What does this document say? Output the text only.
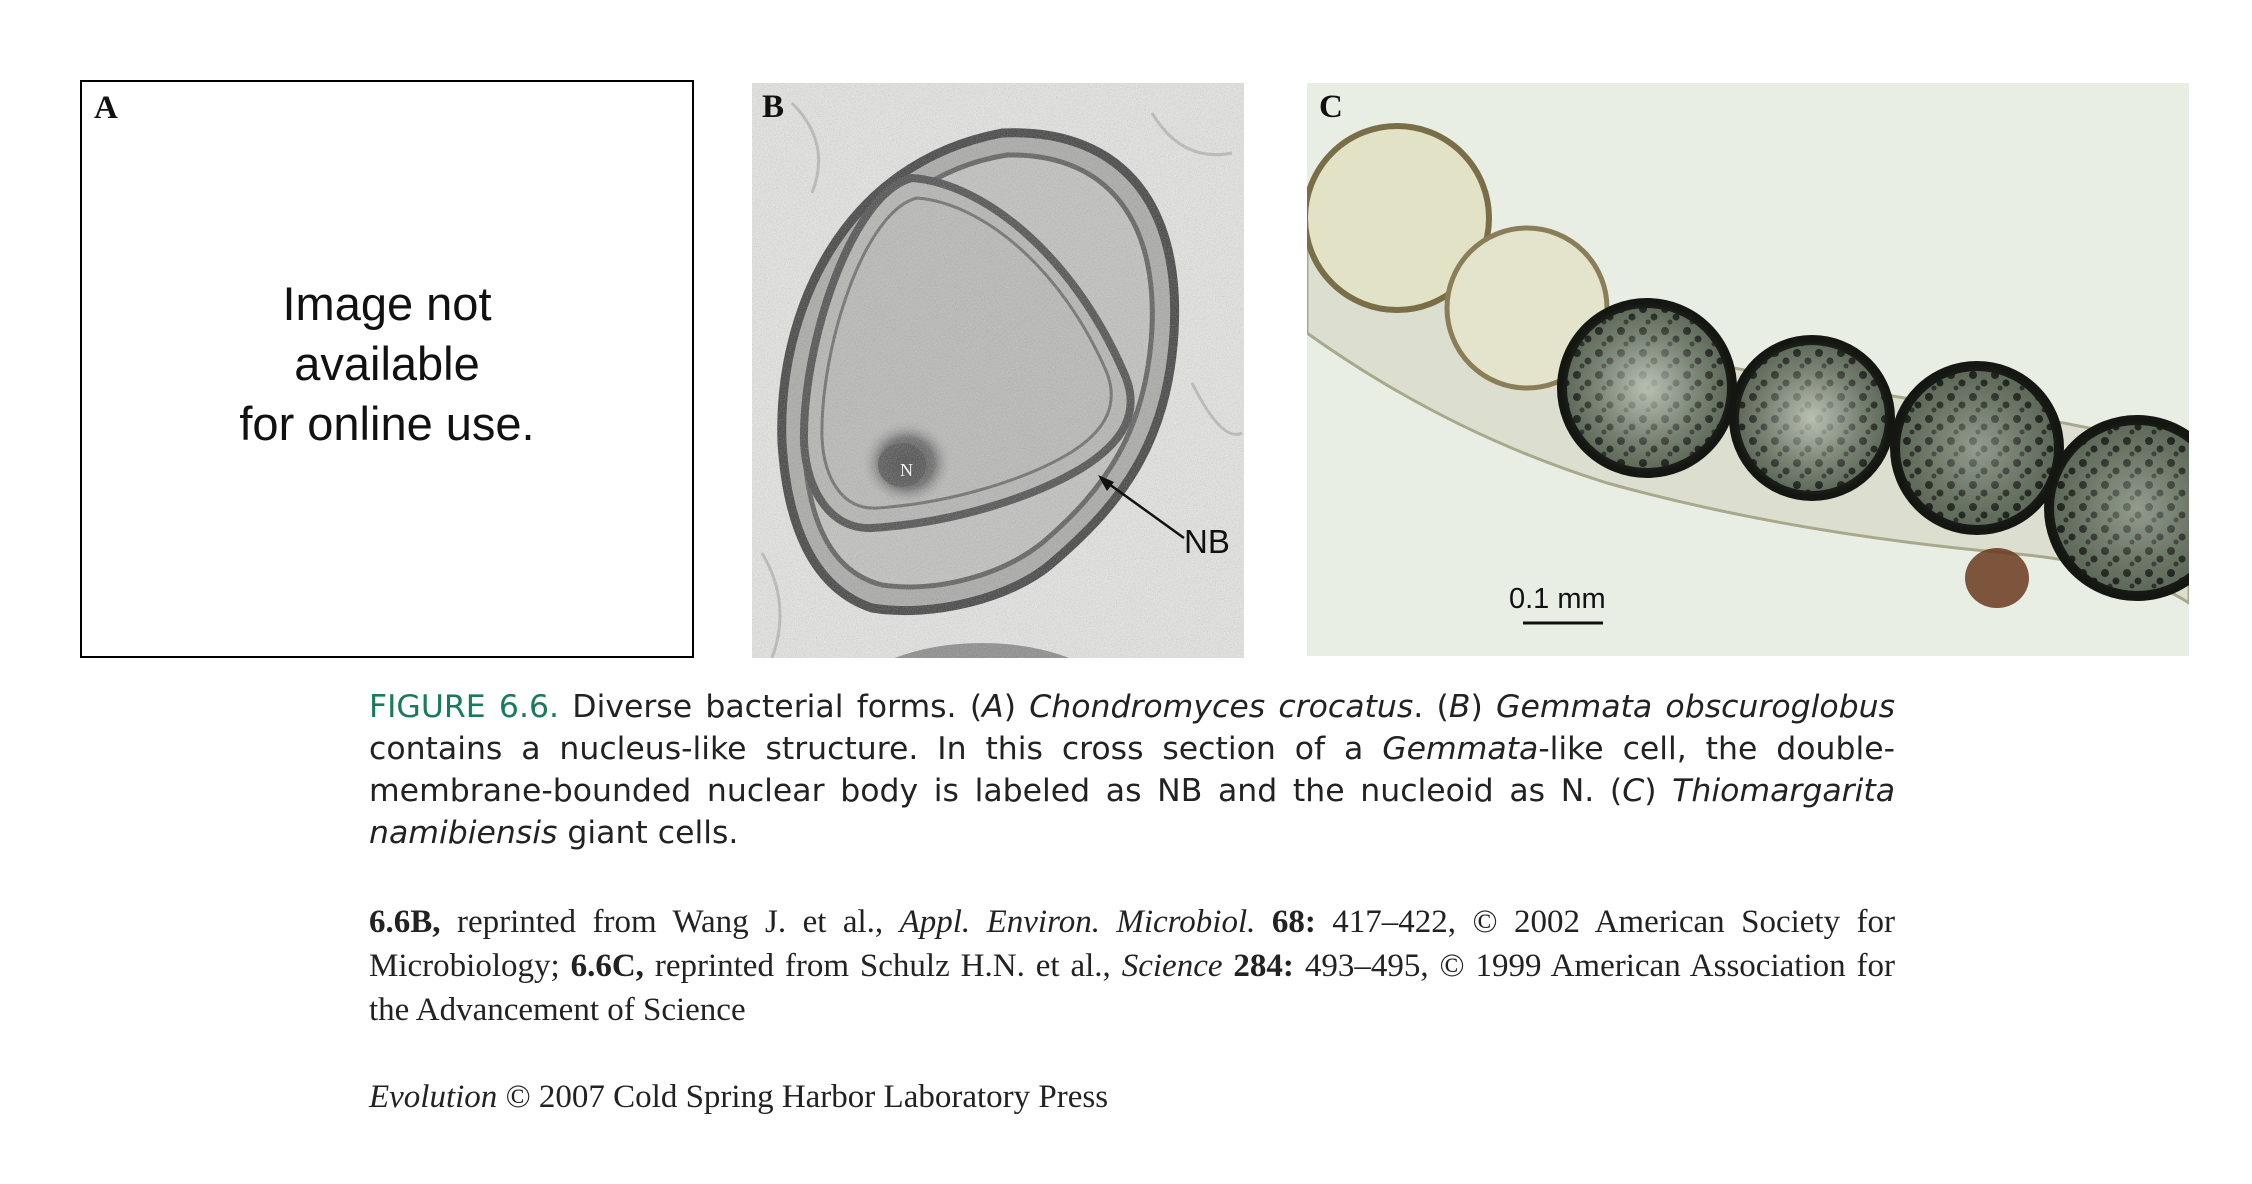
A
Image not
available
for online use.
N
NB
B
0.1 mm
C
FIGURE 6.6. Diverse bacterial forms. (A) Chondromyces crocatus. (B) Gemmata obscuroglobus contains a nucleus-like structure. In this cross section of a Gemmata-like cell, the double-membrane-bounded nuclear body is labeled as NB and the nucleoid as N. (C) Thiomargarita namibiensis giant cells.
6.6B, reprinted from Wang J. et al., Appl. Environ. Microbiol. 68: 417–422, © 2002 American Society for Microbiology; 6.6C, reprinted from Schulz H.N. et al., Science 284: 493–495, © 1999 American Association for the Advancement of Science
Evolution © 2007 Cold Spring Harbor Laboratory Press
